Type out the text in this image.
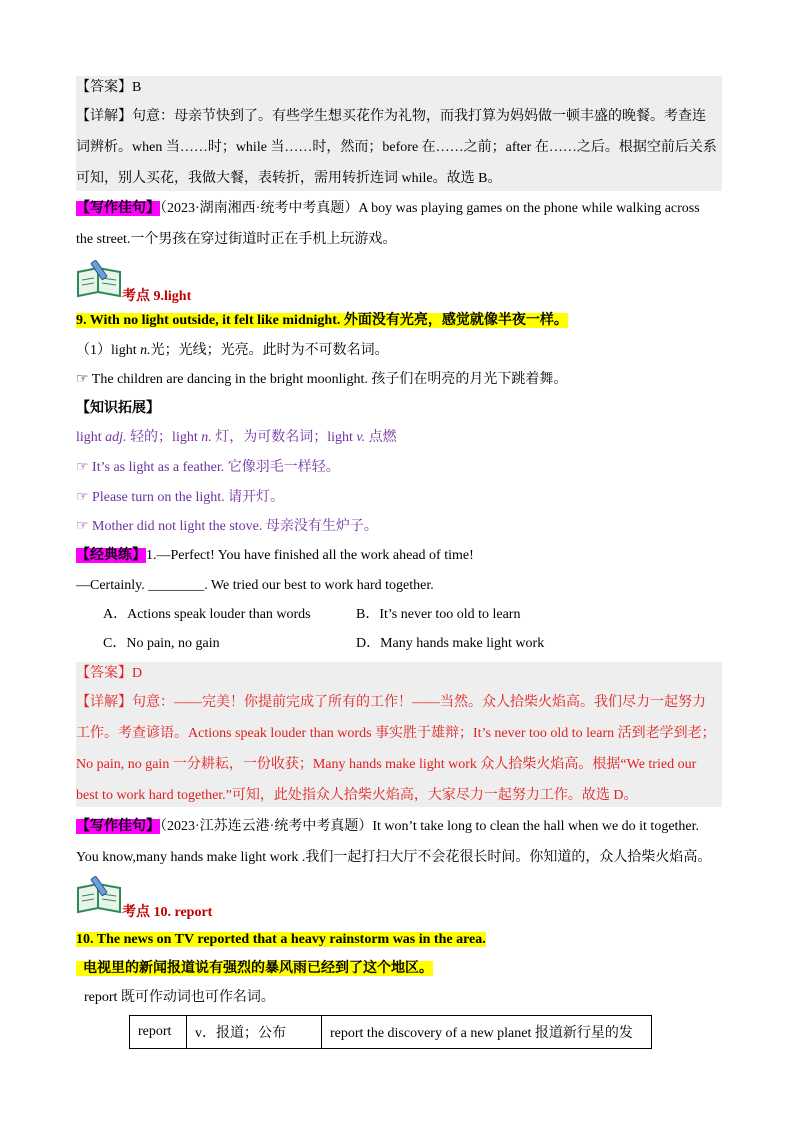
【答案】B
【详解】句意：母亲节快到了。有些学生想买花作为礼物，而我打算为妈妈做一顿丰盛的晚餐。考查连
词辨析。when 当……时；while 当……时，然而；before 在……之前；after 在……之后。根据空前后关系
可知，别人买花，我做大餐，表转折，需用转折连词 while。故选 B。
【写作佳句】（2023·湖南湘西·统考中考真题）A boy was playing games on the phone while walking across
the street.一个男孩在穿过街道时正在手机上玩游戏。
考点 9.light
9. With no light outside, it felt like midnight. 外面没有光亮，感觉就像半夜一样。
（1）light n.光；光线；光亮。此时为不可数名词。
☞ The children are dancing in the bright moonlight. 孩子们在明亮的月光下跳着舞。
【知识拓展】
light adj. 轻的；light n. 灯，为可数名词；light v. 点燃
☞ It’s as light as a feather. 它像羽毛一样轻。
☞ Please turn on the light. 请开灯。
☞ Mother did not light the stove. 母亲没有生炉子。
【经典练】1.—Perfect! You have finished all the work ahead of time!
—Certainly. ________. We tried our best to work hard together.
A．Actions speak louder than words	B．It’s never too old to learn
C．No pain, no gain	D．Many hands make light work
【答案】D
【详解】句意：——完美！你提前完成了所有的工作！——当然。众人拾柴火焰高。我们尽力一起努力
工作。考查谚语。Actions speak louder than words 事实胜于雄辩；It’s never too old to learn 活到老学到老；
No pain, no gain 一分耕耘，一份收获；Many hands make light work 众人拾柴火焰高。根据“We tried our
best to work hard together.”可知，此处指众人拾柴火焰高，大家尽力一起努力工作。故选 D。
【写作佳句】（2023·江苏连云港·统考中考真题）It won’t take long to clean the hall when we do it together.
You know,many hands make light work .我们一起打扫大厅不会花很长时间。你知道的，众人拾柴火焰高。
考点 10. report
10. The news on TV reported that a heavy rainstorm was in the area.
电视里的新闻报道说有强烈的暴风雨已经到了这个地区。
report 既可作动词也可作名词。
report	v．报道；公布	report the discovery of a new planet 报道新行星的发
